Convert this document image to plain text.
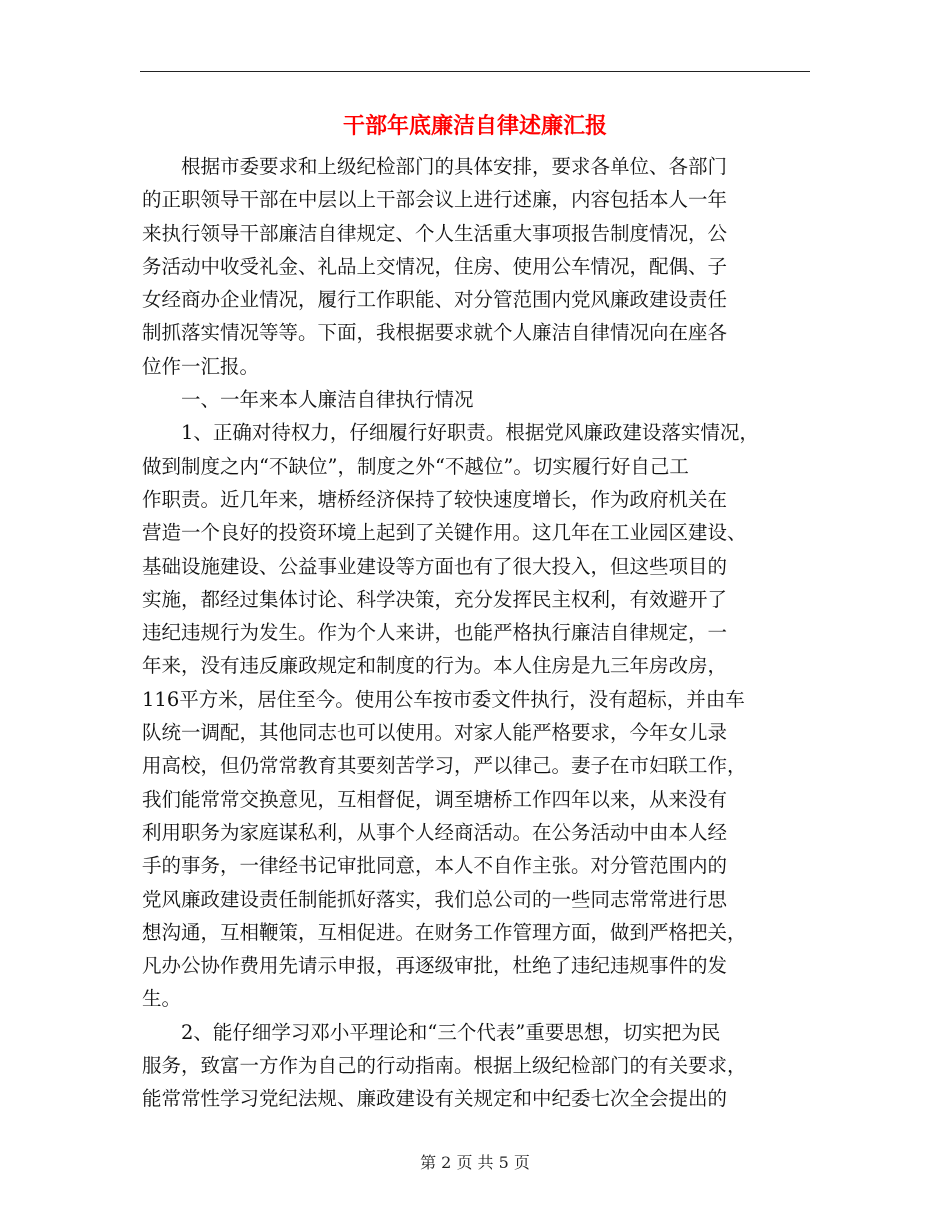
干部年底廉洁自律述廉汇报
根据市委要求和上级纪检部门的具体安排，要求各单位、各部门
的正职领导干部在中层以上干部会议上进行述廉，内容包括本人一年
来执行领导干部廉洁自律规定、个人生活重大事项报告制度情况，公
务活动中收受礼金、礼品上交情况，住房、使用公车情况，配偶、子
女经商办企业情况，履行工作职能、对分管范围内党风廉政建设责任
制抓落实情况等等。下面，我根据要求就个人廉洁自律情况向在座各
位作一汇报。
一、一年来本人廉洁自律执行情况
1、正确对待权力，仔细履行好职责。根据党风廉政建设落实情况，
做到制度之内“不缺位”，制度之外“不越位”。切实履行好自己工
作职责。近几年来，塘桥经济保持了较快速度增长，作为政府机关在
营造一个良好的投资环境上起到了关键作用。这几年在工业园区建设、
基础设施建设、公益事业建设等方面也有了很大投入，但这些项目的
实施，都经过集体讨论、科学决策，充分发挥民主权利，有效避开了
违纪违规行为发生。作为个人来讲，也能严格执行廉洁自律规定，一
年来，没有违反廉政规定和制度的行为。本人住房是九三年房改房，
116平方米，居住至今。使用公车按市委文件执行，没有超标，并由车
队统一调配，其他同志也可以使用。对家人能严格要求，今年女儿录
用高校，但仍常常教育其要刻苦学习，严以律己。妻子在市妇联工作，
我们能常常交换意见，互相督促，调至塘桥工作四年以来，从来没有
利用职务为家庭谋私利，从事个人经商活动。在公务活动中由本人经
手的事务，一律经书记审批同意，本人不自作主张。对分管范围内的
党风廉政建设责任制能抓好落实，我们总公司的一些同志常常进行思
想沟通，互相鞭策，互相促进。在财务工作管理方面，做到严格把关，
凡办公协作费用先请示申报，再逐级审批，杜绝了违纪违规事件的发
生。
2、能仔细学习邓小平理论和“三个代表”重要思想，切实把为民
服务，致富一方作为自己的行动指南。根据上级纪检部门的有关要求，
能常常性学习党纪法规、廉政建设有关规定和中纪委七次全会提出的
第 2 页 共 5 页
